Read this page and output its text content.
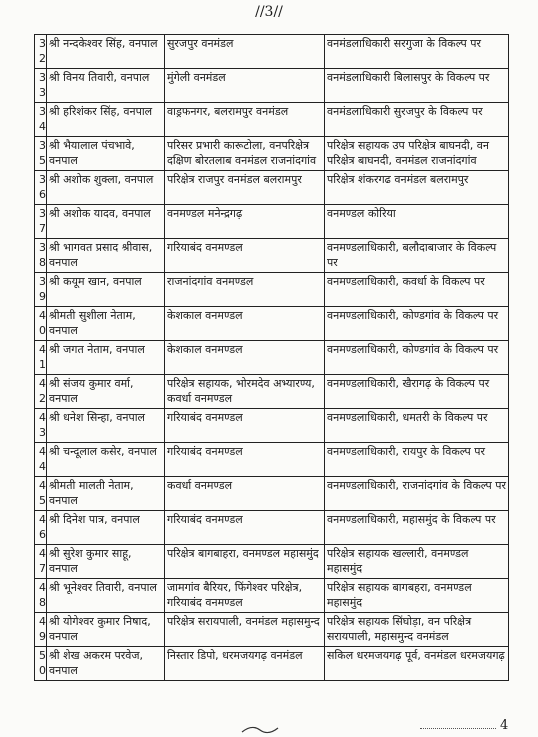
//3//
32	श्री नन्दकेश्वर सिंह, वनपाल	सुरजपुर वनमंडल	वनमंडलाधिकारी सरगुजा के विकल्प पर
33	श्री विनय तिवारी, वनपाल	मुंगेली वनमंडल	वनमंडलाधिकारी बिलासपुर के विकल्प पर
34	श्री हरिशंकर सिंह, वनपाल	वाड्रफनगर, बलरामपुर वनमंडल	वनमंडलाधिकारी सुरजपुर के विकल्प पर
35	श्री भैयालाल पंचभावे, वनपाल	परिसर प्रभारी कारूटोला, वनपरिक्षेत्र दक्षिण बोरतलाब वनमंडल राजनांदगांव	परिक्षेत्र सहायक उप परिक्षेत्र बाघनदी, वन परिक्षेत्र बाघनदी, वनमंडल राजनांदगांव
36	श्री अशोक शुक्ला, वनपाल	परिक्षेत्र राजपुर वनमंडल बलरामपुर	परिक्षेत्र शंकरगढ वनमंडल बलरामपुर
37	श्री अशोक यादव, वनपाल	वनमण्डल मनेन्द्रगढ़	वनमण्डल कोरिया
38	श्री भागवत प्रसाद श्रीवास, वनपाल	गरियाबंद वनमण्डल	वनमण्डलाधिकारी, बलौदाबाजार के विकल्प पर
39	श्री कयूम खान, वनपाल	राजनांदगांव वनमण्डल	वनमण्डलाधिकारी, कवर्धा के विकल्प पर
40	श्रीमती सुशीला नेताम, वनपाल	केशकाल वनमण्डल	वनमण्डलाधिकारी, कोण्डगांव के विकल्प पर
41	श्री जगत नेताम, वनपाल	केशकाल वनमण्डल	वनमण्डलाधिकारी, कोण्डगांव के विकल्प पर
42	श्री संजय कुमार वर्मा, वनपाल	परिक्षेत्र सहायक, भोरमदेव अभ्यारण्य, कवर्धा वनमण्डल	वनमण्डलाधिकारी, खैरागढ़ के विकल्प पर
43	श्री धनेश सिन्हा, वनपाल	गरियाबंद वनमण्डल	वनमण्डलाधिकारी, धमतरी के विकल्प पर
44	श्री चन्दूलाल कसेर, वनपाल	गरियाबंद वनमण्डल	वनमण्डलाधिकारी, रायपुर के विकल्प पर
45	श्रीमती मालती नेताम, वनपाल	कवर्धा वनमण्डल	वनमण्डलाधिकारी, राजनांदगांव के विकल्प पर
46	श्री दिनेश पात्र, वनपाल	गरियाबंद वनमण्डल	वनमण्डलाधिकारी, महासमुंद के विकल्प पर
47	श्री सुरेश कुमार साहू, वनपाल	परिक्षेत्र बागबाहरा, वनमण्डल महासमुंद	परिक्षेत्र सहायक खल्लारी, वनमण्डल महासमुंद
48	श्री भूनेश्वर तिवारी, वनपाल	जामगांव बैरियर, फिंगेश्वर परिक्षेत्र, गरियाबंद वनमण्डल	परिक्षेत्र सहायक बागबहरा, वनमण्डल महासमुंद
49	श्री योगेश्वर कुमार निषाद, वनपाल	परिक्षेत्र सरायपाली, वनमंडल महासमुन्द	परिक्षेत्र सहायक सिंघोड़ा, वन परिक्षेत्र सरायपाली, महासमुन्द वनमंडल
50	श्री शेख अकरम परवेज, वनपाल	निस्तार डिपो, धरमजयगढ़ वनमंडल	सकिल धरमजयगढ़ पूर्व, वनमंडल धरमजयगढ़
4
